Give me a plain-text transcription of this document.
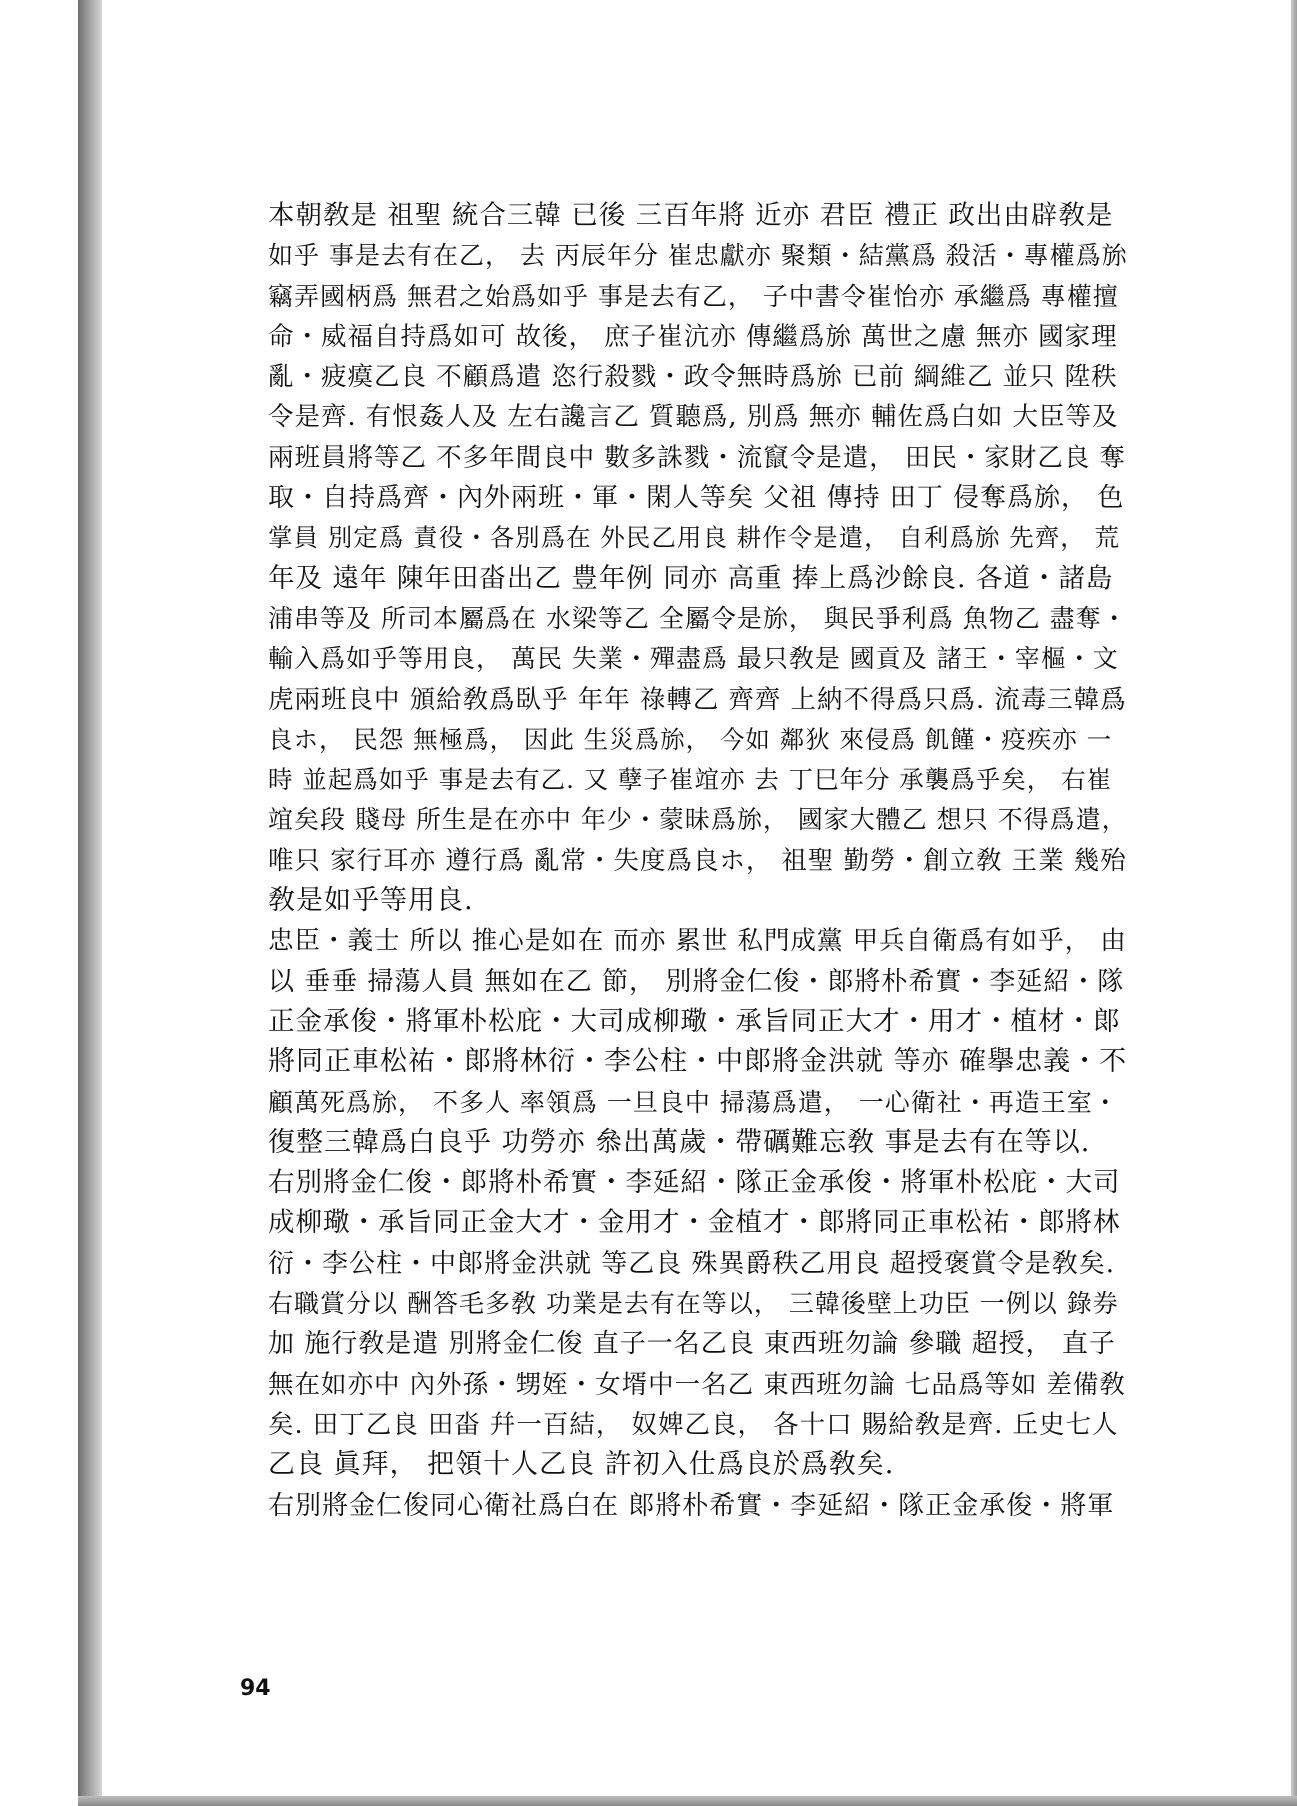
本朝敎是 祖聖 統合三韓 已後 三百年將 近亦 君臣 禮正 政出由辟敎是
如乎 事是去有在乙， 去 丙辰年分 崔忠獻亦 聚類・結黨爲 殺活・專權爲旀
竊弄國柄爲 無君之始爲如乎 事是去有乙， 子中書令崔怡亦 承繼爲 專權擅
命・威福自持爲如可 故後， 庶子崔沆亦 傳繼爲旀 萬世之慮 無亦 國家理
亂・疲瘼乙良 不顧爲遣 恣行殺戮・政令無時爲旀 已前 綱維乙 並只 陞秩
令是齊. 有恨姦人及 左右讒言乙 質聽爲, 別爲 無亦 輔佐爲白如 大臣等及
兩班員將等乙 不多年間良中 數多誅戮・流竄令是遣， 田民・家財乙良 奪
取・自持爲齊・內外兩班・軍・閑人等矣 父祖 傳持 田丁 侵奪爲旀， 色
掌員 別定爲 責役・各別爲在 外民乙用良 耕作令是遣， 自利爲旀 先齊， 荒
年及 遠年 陳年田畓出乙 豊年例 同亦 高重 捧上爲沙餘良. 各道・諸島
浦串等及 所司本屬爲在 水梁等乙 全屬令是旀， 與民爭利爲 魚物乙 盡奪・
輸入爲如乎等用良， 萬民 失業・殫盡爲 最只敎是 國貢及 諸王・宰樞・文
虎兩班良中 頒給敎爲臥乎 年年 祿轉乙 齊齊 上納不得爲只爲. 流毒三韓爲
良ホ， 民怨 無極爲， 因此 生災爲旀， 今如 鄰狄 來侵爲 飢饉・疫疾亦 一
時 並起爲如乎 事是去有乙. 又 孽子崔竩亦 去 丁巳年分 承襲爲乎矣， 右崔
竩矣段 賤母 所生是在亦中 年少・蒙昧爲旀， 國家大體乙 想只 不得爲遣，
唯只 家行耳亦 遵行爲 亂常・失度爲良ホ， 祖聖 勤勞・創立敎 王業 幾殆
敎是如乎等用良.
忠臣・義士 所以 推心是如在 而亦 累世 私門成黨 甲兵自衛爲有如乎， 由
以 垂垂 掃蕩人員 無如在乙 節， 別將金仁俊・郞將朴希實・李延紹・隊
正金承俊・將軍朴松庇・大司成柳璥・承旨同正大才・用才・植材・郞
將同正車松祐・郞將林衍・李公柱・中郞將金洪就 等亦 確擧忠義・不
顧萬死爲旀， 不多人 率領爲 一旦良中 掃蕩爲遣， 一心衛社・再造王室・
復整三韓爲白良乎 功勞亦 叅出萬歲・帶礪難忘敎 事是去有在等以.
右別將金仁俊・郞將朴希實・李延紹・隊正金承俊・將軍朴松庇・大司
成柳璥・承旨同正金大才・金用才・金植才・郞將同正車松祐・郞將林
衍・李公柱・中郞將金洪就 等乙良 殊異爵秩乙用良 超授褒賞令是敎矣.
右職賞分以 酬答毛多敎 功業是去有在等以， 三韓後壁上功臣 一例以 錄券
加 施行敎是遣 別將金仁俊 直子一名乙良 東西班勿論 參職 超授， 直子
無在如亦中 內外孫・甥姪・女壻中一名乙 東西班勿論 七品爲等如 差備敎
矣. 田丁乙良 田畓 幷一百結， 奴婢乙良， 各十口 賜給敎是齊. 丘史七人
乙良 眞拜， 把領十人乙良 許初入仕爲良於爲敎矣.
右別將金仁俊同心衛社爲白在 郞將朴希實・李延紹・隊正金承俊・將軍
94
